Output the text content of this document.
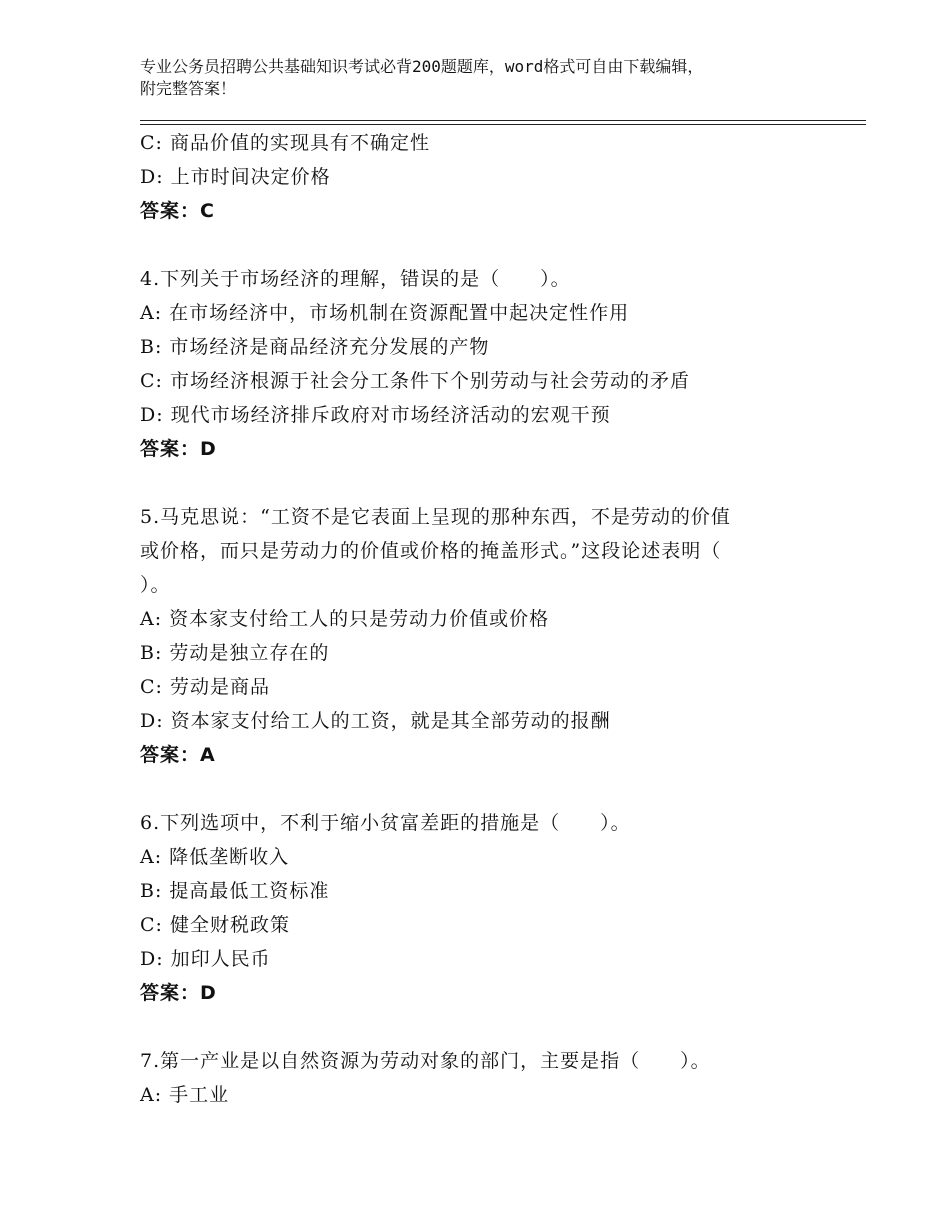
专业公务员招聘公共基础知识考试必背200题题库，word格式可自由下载编辑，
附完整答案！
C: 商品价值的实现具有不确定性
D: 上市时间决定价格
答案：C
4.下列关于市场经济的理解，错误的是（　　）。
A: 在市场经济中，市场机制在资源配置中起决定性作用
B: 市场经济是商品经济充分发展的产物
C: 市场经济根源于社会分工条件下个别劳动与社会劳动的矛盾
D: 现代市场经济排斥政府对市场经济活动的宏观干预
答案：D
5.马克思说：“工资不是它表面上呈现的那种东西，不是劳动的价值
或价格，而只是劳动力的价值或价格的掩盖形式。”这段论述表明（
）。
A: 资本家支付给工人的只是劳动力价值或价格
B: 劳动是独立存在的
C: 劳动是商品
D: 资本家支付给工人的工资，就是其全部劳动的报酬
答案：A
6.下列选项中，不利于缩小贫富差距的措施是（　　）。
A: 降低垄断收入
B: 提高最低工资标准
C: 健全财税政策
D: 加印人民币
答案：D
7.第一产业是以自然资源为劳动对象的部门，主要是指（　　）。
A: 手工业
